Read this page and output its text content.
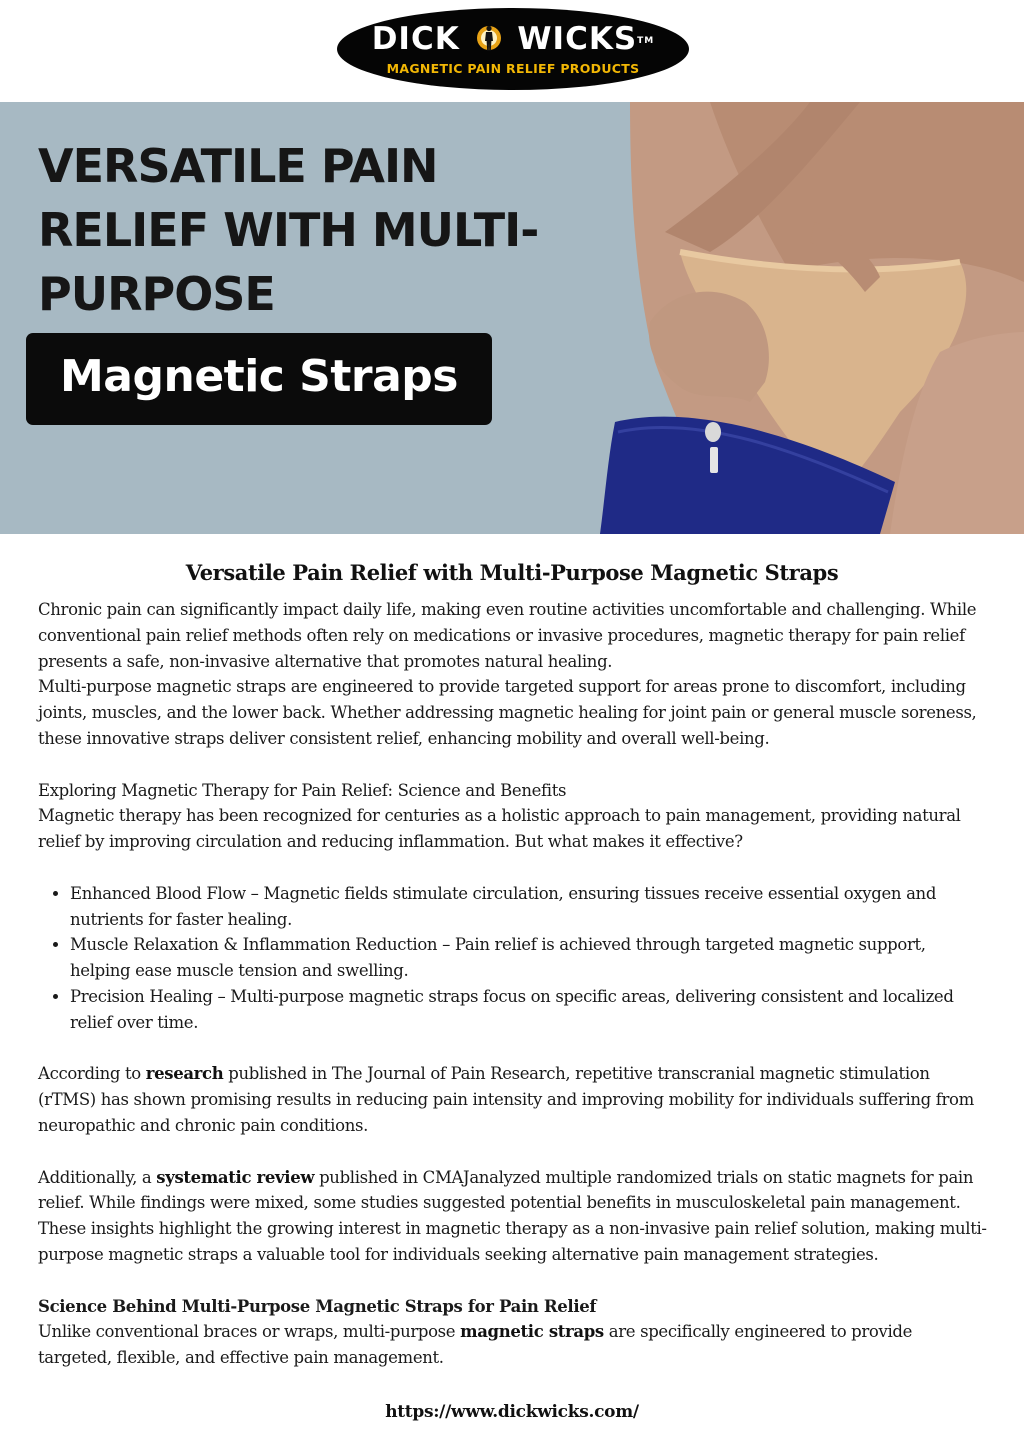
DICK WICKS™
MAGNETIC PAIN RELIEF PRODUCTS
VERSATILE PAIN RELIEF WITH MULTI-PURPOSE
Magnetic Straps
Versatile Pain Relief with Multi-Purpose Magnetic Straps

Chronic pain can significantly impact daily life, making even routine activities uncomfortable and challenging. While conventional pain relief methods often rely on medications or invasive procedures, magnetic therapy for pain relief presents a safe, non-invasive alternative that promotes natural healing.

Multi-purpose magnetic straps are engineered to provide targeted support for areas prone to discomfort, including joints, muscles, and the lower back. Whether addressing magnetic healing for joint pain or general muscle soreness, these innovative straps deliver consistent relief, enhancing mobility and overall well-being.

Exploring Magnetic Therapy for Pain Relief: Science and Benefits

Magnetic therapy has been recognized for centuries as a holistic approach to pain management, providing natural relief by improving circulation and reducing inflammation. But what makes it effective?

• Enhanced Blood Flow – Magnetic fields stimulate circulation, ensuring tissues receive essential oxygen and nutrients for faster healing.
• Muscle Relaxation & Inflammation Reduction – Pain relief is achieved through targeted magnetic support, helping ease muscle tension and swelling.
• Precision Healing – Multi-purpose magnetic straps focus on specific areas, delivering consistent and localized relief over time.

According to research published in The Journal of Pain Research, repetitive transcranial magnetic stimulation (rTMS) has shown promising results in reducing pain intensity and improving mobility for individuals suffering from neuropathic and chronic pain conditions.

Additionally, a systematic review published in CMAJanalyzed multiple randomized trials on static magnets for pain relief. While findings were mixed, some studies suggested potential benefits in musculoskeletal pain management.

These insights highlight the growing interest in magnetic therapy as a non-invasive pain relief solution, making multi-purpose magnetic straps a valuable tool for individuals seeking alternative pain management strategies.

Science Behind Multi-Purpose Magnetic Straps for Pain Relief

Unlike conventional braces or wraps, multi-purpose magnetic straps are specifically engineered to provide targeted, flexible, and effective pain management.

https://www.dickwicks.com/
